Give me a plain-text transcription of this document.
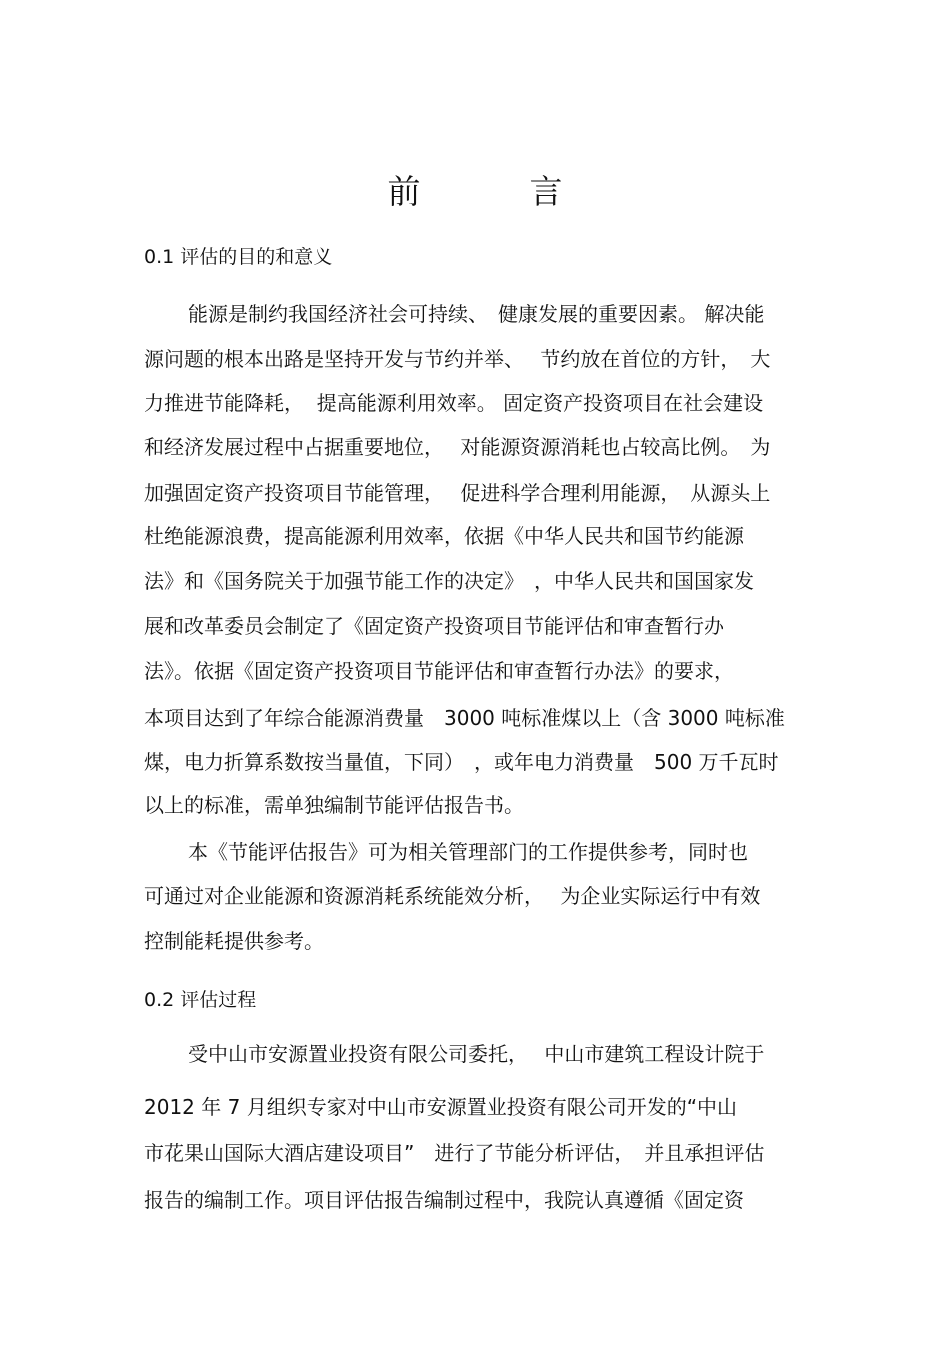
前　言
0.1 评估的目的和意义
能源是制约我国经济社会可持续、　健康发展的重要因素。 解决能
源问题的根本出路是坚持开发与节约并举、　 节约放在首位的方针，　大
力推进节能降耗，  提高能源利用效率。 固定资产投资项目在社会建设
和经济发展过程中占据重要地位，　 对能源资源消耗也占较高比例。　为
加强固定资产投资项目节能管理，　 促进科学合理利用能源，　从源头上
杜绝能源浪费，提高能源利用效率，依据《中华人民共和国节约能源
法》和《国务院关于加强节能工作的决定》　，中华人民共和国国家发
展和改革委员会制定了《固定资产投资项目节能评估和审查暂行办
法》。依据《固定资产投资项目节能评估和审查暂行办法》的要求，
本项目达到了年综合能源消费量　3000 吨标准煤以上（含 3000 吨标准
煤，电力折算系数按当量值，下同）　，或年电力消费量　500 万千瓦时
以上的标准，需单独编制节能评估报告书。
本《节能评估报告》可为相关管理部门的工作提供参考，同时也
可通过对企业能源和资源消耗系统能效分析，　 为企业实际运行中有效
控制能耗提供参考。
0.2 评估过程
受中山市安源置业投资有限公司委托，　 中山市建筑工程设计院于
2012 年 7 月组织专家对中山市安源置业投资有限公司开发的“中山
市花果山国际大酒店建设项目”　进行了节能分析评估，　并且承担评估
报告的编制工作。项目评估报告编制过程中，我院认真遵循《固定资
